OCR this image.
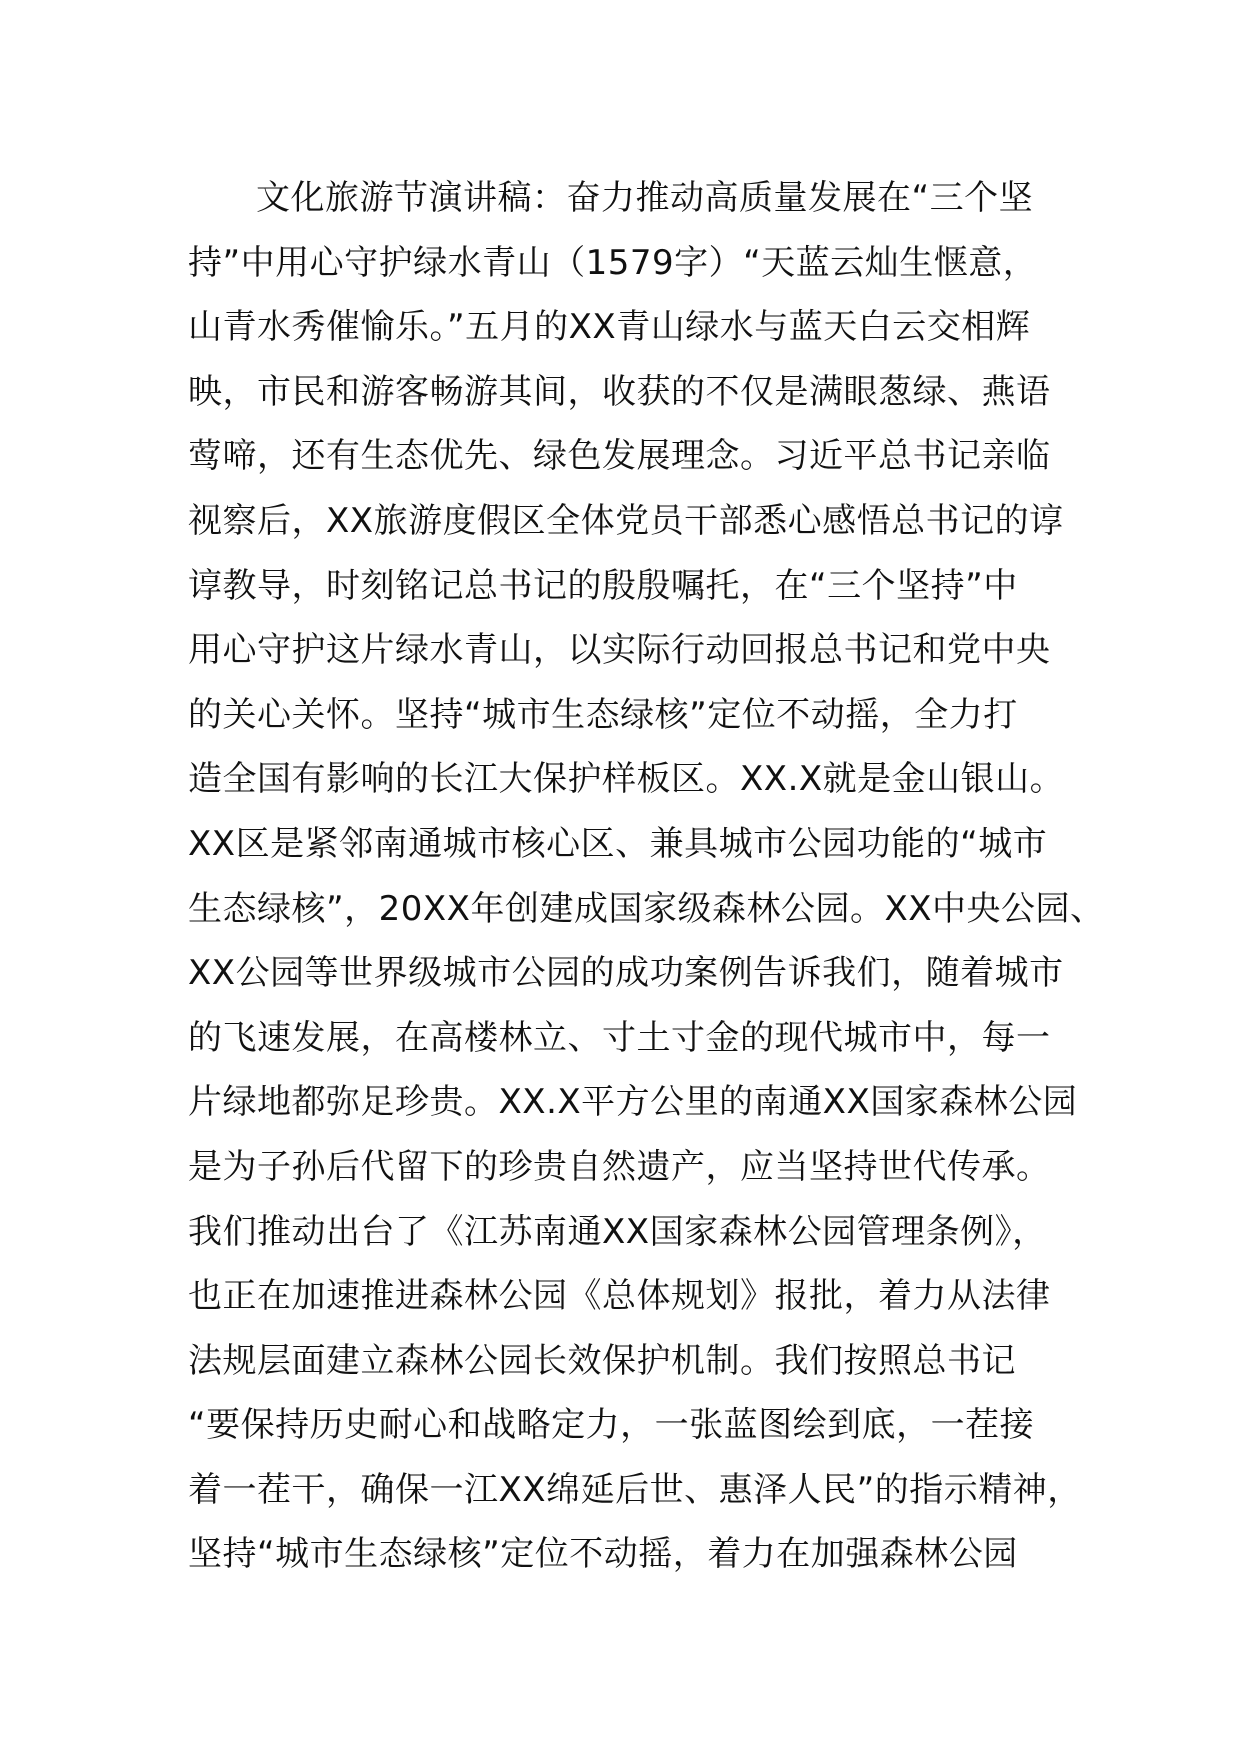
文化旅游节演讲稿：奋力推动高质量发展在“三个坚
持”中用心守护绿水青山（1579字）“天蓝云灿生惬意，
山青水秀催愉乐。”五月的XX青山绿水与蓝天白云交相辉
映，市民和游客畅游其间，收获的不仅是满眼葱绿、燕语
莺啼，还有生态优先、绿色发展理念。习近平总书记亲临
视察后，XX旅游度假区全体党员干部悉心感悟总书记的谆
谆教导，时刻铭记总书记的殷殷嘱托，在“三个坚持”中
用心守护这片绿水青山，以实际行动回报总书记和党中央
的关心关怀。坚持“城市生态绿核”定位不动摇，全力打
造全国有影响的长江大保护样板区。XX.X就是金山银山。
XX区是紧邻南通城市核心区、兼具城市公园功能的“城市
生态绿核”，20XX年创建成国家级森林公园。XX中央公园、
XX公园等世界级城市公园的成功案例告诉我们，随着城市
的飞速发展，在高楼林立、寸土寸金的现代城市中，每一
片绿地都弥足珍贵。XX.X平方公里的南通XX国家森林公园
是为子孙后代留下的珍贵自然遗产，应当坚持世代传承。
我们推动出台了《江苏南通XX国家森林公园管理条例》，
也正在加速推进森林公园《总体规划》报批，着力从法律
法规层面建立森林公园长效保护机制。我们按照总书记
“要保持历史耐心和战略定力，一张蓝图绘到底，一茬接
着一茬干，确保一江XX绵延后世、惠泽人民”的指示精神，
坚持“城市生态绿核”定位不动摇，着力在加强森林公园
